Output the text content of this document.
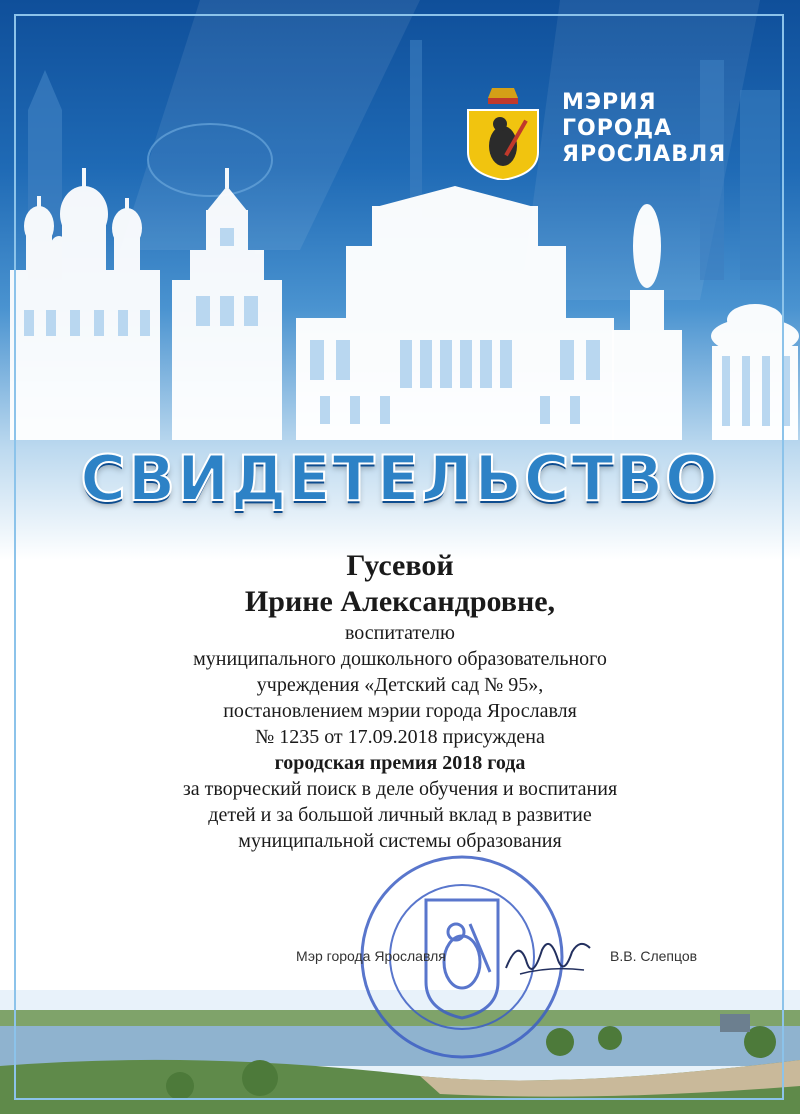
МЭРИЯ
ГОРОДА
ЯРОСЛАВЛЯ
СВИДЕТЕЛЬСТВО
Гусевой
Ирине Александровне,
воспитателю
муниципального дошкольного образовательного
учреждения «Детский сад № 95»,
постановлением мэрии города Ярославля
№ 1235 от 17.09.2018 присуждена
городская премия 2018 года
за творческий поиск в деле обучения и воспитания
детей и за большой личный вклад в развитие
муниципальной системы образования
Мэр города Ярославля	В.В. Слепцов
